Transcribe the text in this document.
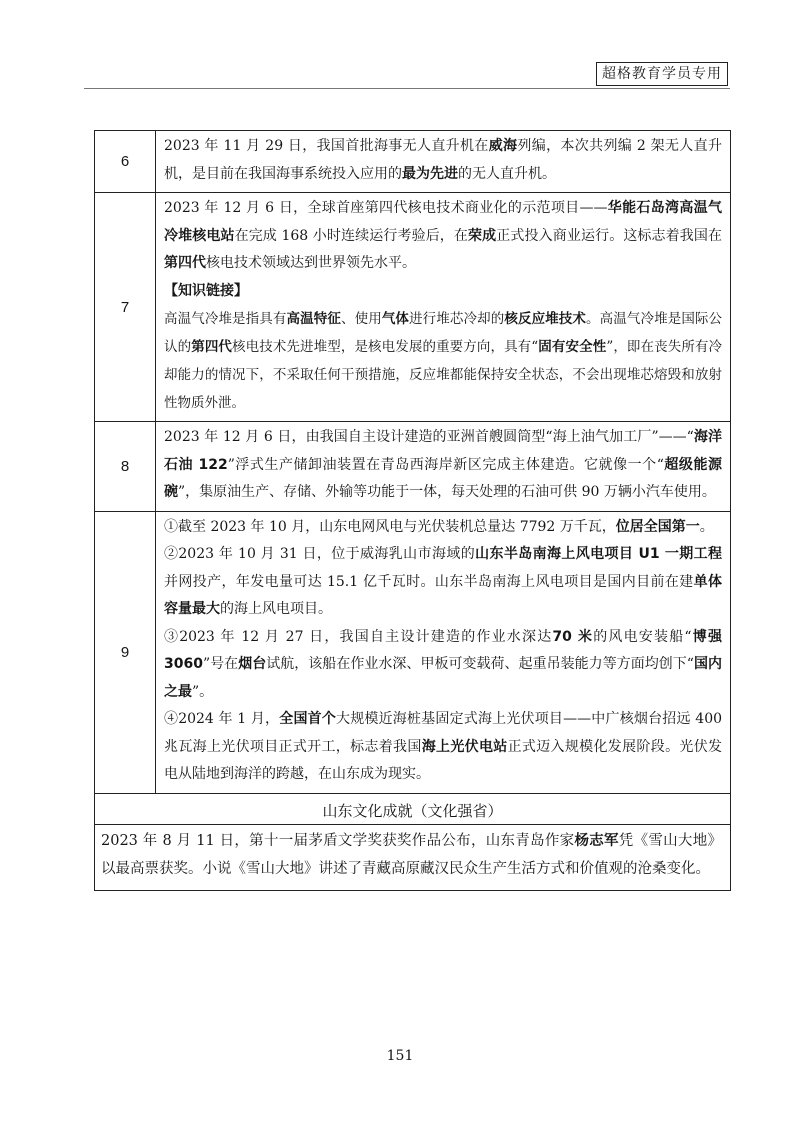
超格教育学员专用
6	2023 年 11 月 29 日，我国首批海事无人直升机在威海列编，本次共列编 2 架无人直升机，是目前在我国海事系统投入应用的最为先进的无人直升机。

7	2023 年 12 月 6 日，全球首座第四代核电技术商业化的示范项目——华能石岛湾高温气冷堆核电站在完成 168 小时连续运行考验后，在荣成正式投入商业运行。这标志着我国在第四代核电技术领域达到世界领先水平。

【知识链接】

高温气冷堆是指具有高温特征、使用气体进行堆芯冷却的核反应堆技术。高温气冷堆是国际公认的第四代核电技术先进堆型，是核电发展的重要方向，具有“固有安全性”，即在丧失所有冷却能力的情况下，不采取任何干预措施，反应堆都能保持安全状态，不会出现堆芯熔毁和放射性物质外泄。

8	2023 年 12 月 6 日，由我国自主设计建造的亚洲首艘圆筒型“海上油气加工厂”——“海洋石油 122”浮式生产储卸油装置在青岛西海岸新区完成主体建造。它就像一个“超级能源碗”，集原油生产、存储、外输等功能于一体，每天处理的石油可供 90 万辆小汽车使用。

9	①截至 2023 年 10 月，山东电网风电与光伏装机总量达 7792 万千瓦，位居全国第一。

②2023 年 10 月 31 日，位于威海乳山市海域的山东半岛南海上风电项目 U1 一期工程并网投产，年发电量可达 15.1 亿千瓦时。山东半岛南海上风电项目是国内目前在建单体容量最大的海上风电项目。

③2023 年 12 月 27 日，我国自主设计建造的作业水深达70 米的风电安装船“博强 3060”号在烟台试航，该船在作业水深、甲板可变载荷、起重吊装能力等方面均创下“国内之最”。

④2024 年 1 月，全国首个大规模近海桩基固定式海上光伏项目——中广核烟台招远 400 兆瓦海上光伏项目正式开工，标志着我国海上光伏电站正式迈入规模化发展阶段。光伏发电从陆地到海洋的跨越，在山东成为现实。

山东文化成就（文化强省）	
2023 年 8 月 11 日，第十一届茅盾文学奖获奖作品公布，山东青岛作家杨志军凭《雪山大地》以最高票获奖。小说《雪山大地》讲述了青藏高原藏汉民众生产生活方式和价值观的沧桑变化。	
151
